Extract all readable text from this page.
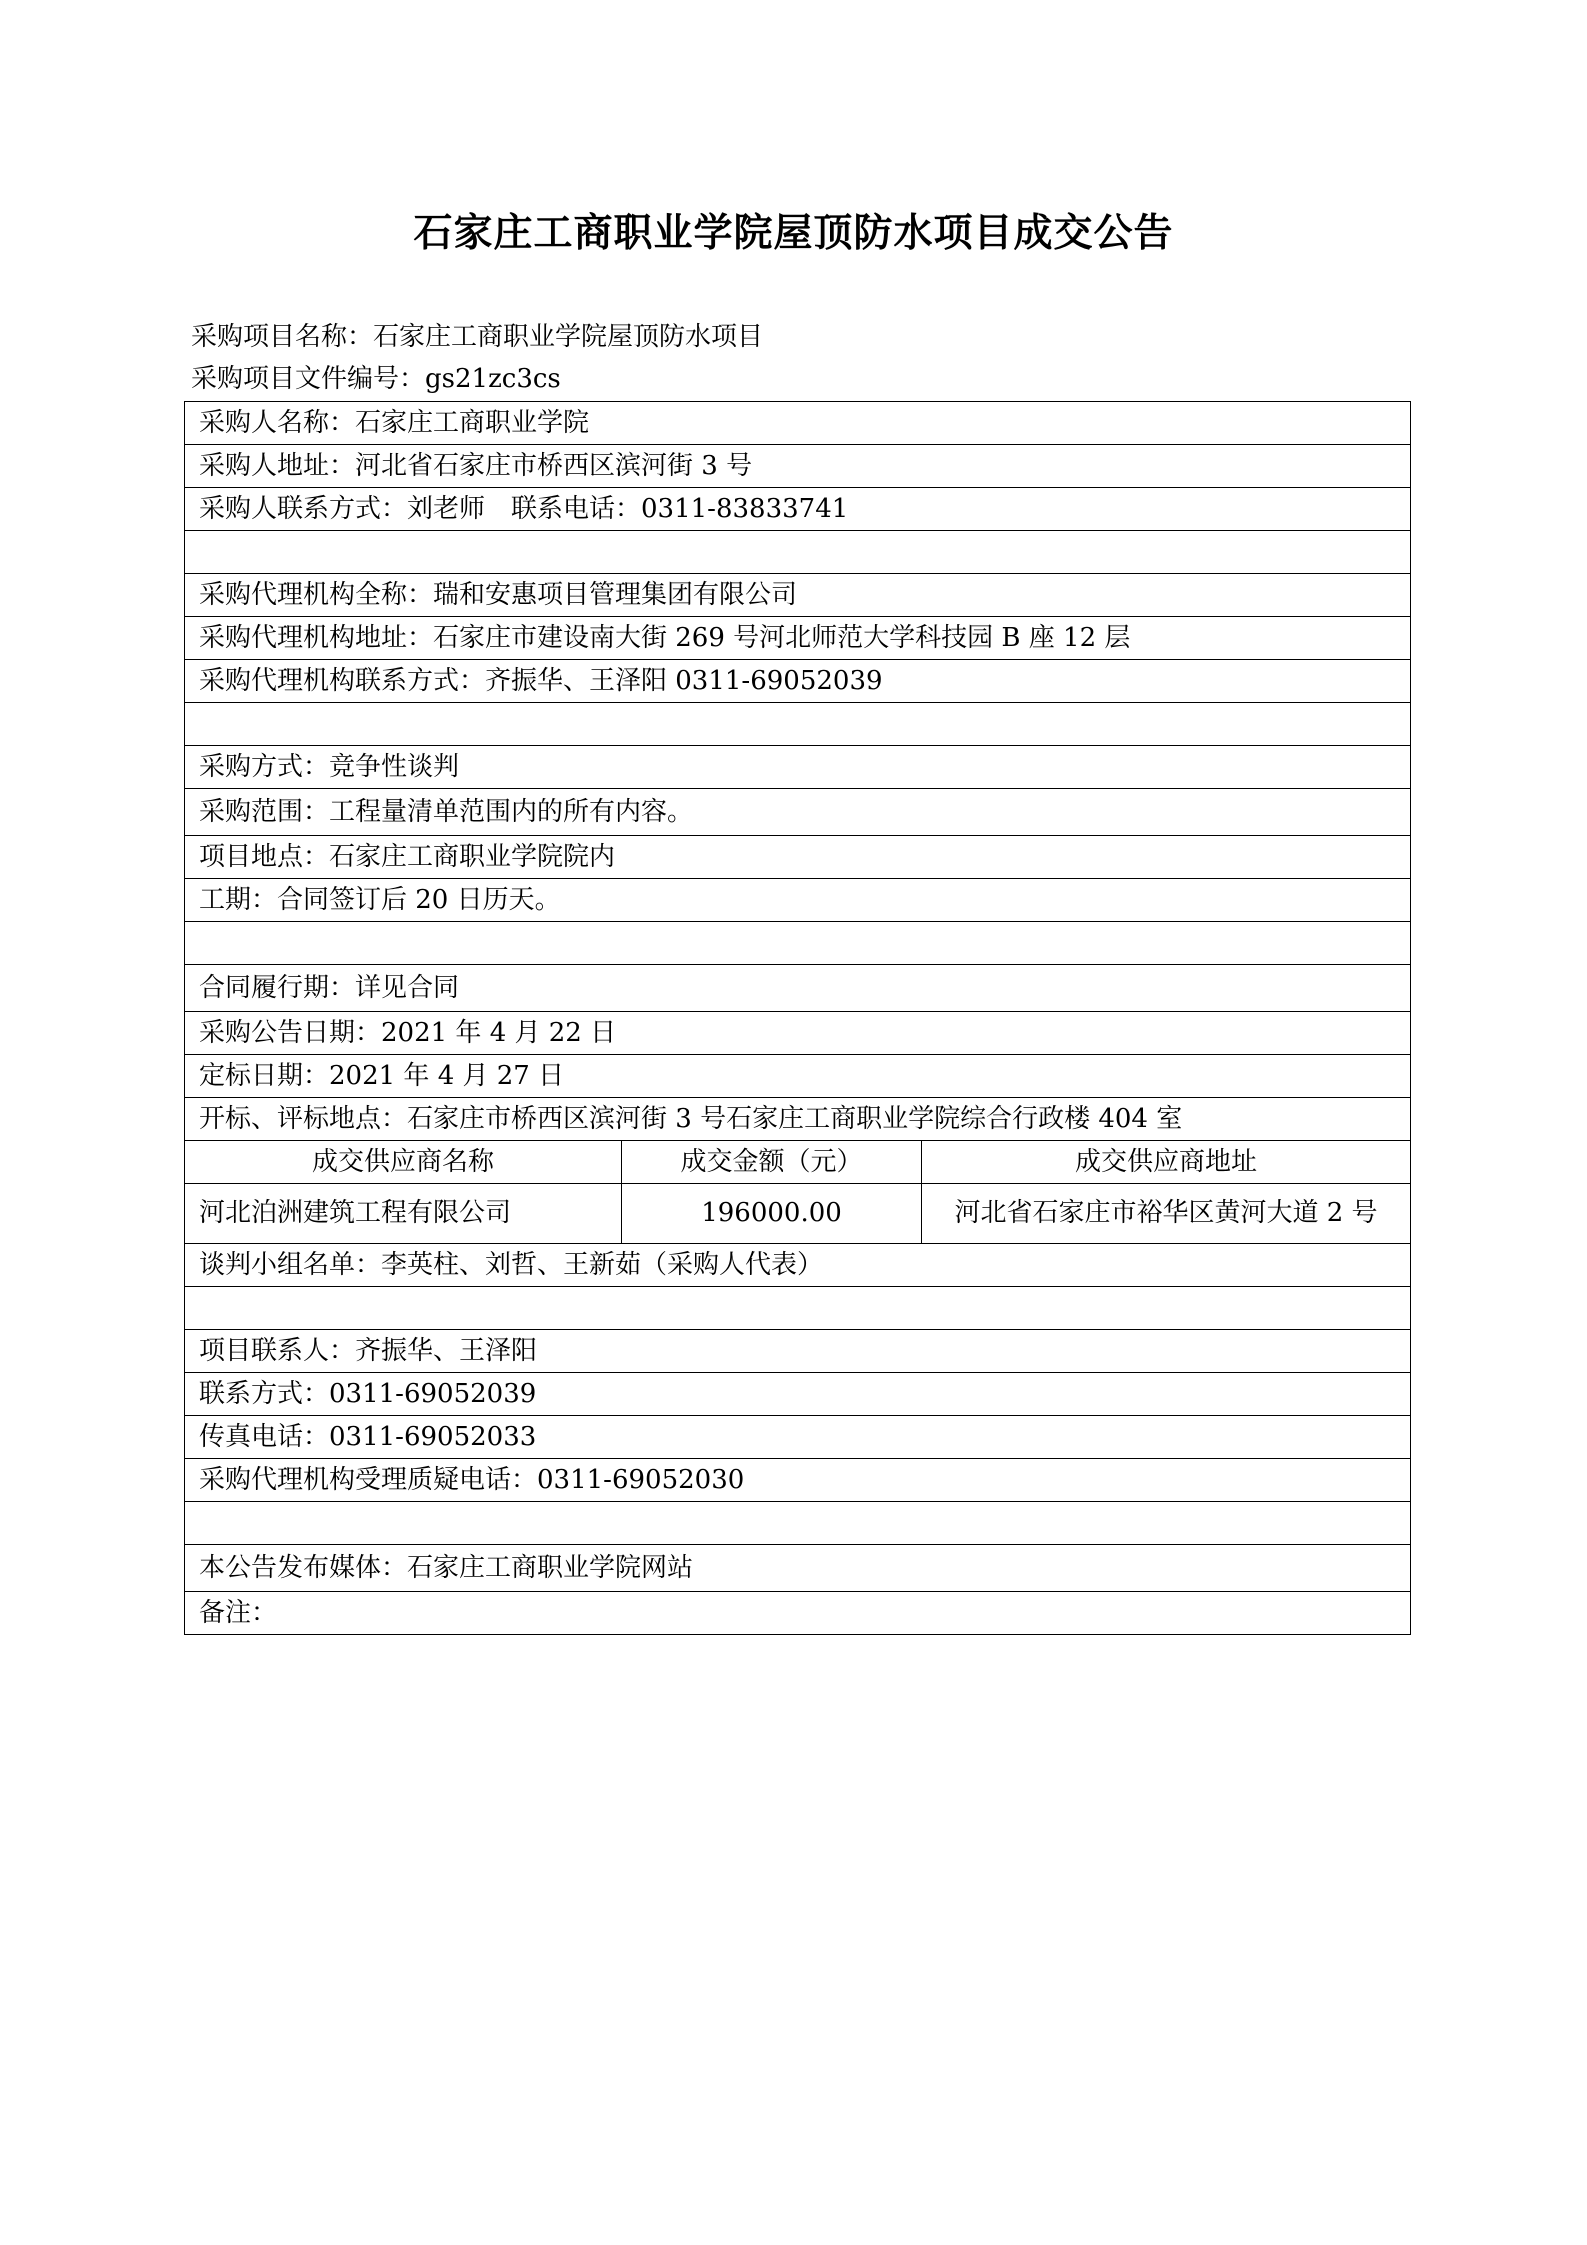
石家庄工商职业学院屋顶防水项目成交公告
采购项目名称：石家庄工商职业学院屋顶防水项目
采购项目文件编号：gs21zc3cs
采购人名称：石家庄工商职业学院		
采购人地址：河北省石家庄市桥西区滨河街 3 号		
采购人联系方式：刘老师　联系电话：0311-83833741		

采购代理机构全称：瑞和安惠项目管理集团有限公司		
采购代理机构地址：石家庄市建设南大街 269 号河北师范大学科技园 B 座 12 层		
采购代理机构联系方式：齐振华、王泽阳 0311-69052039		

采购方式：竞争性谈判		
采购范围：工程量清单范围内的所有内容。		
项目地点：石家庄工商职业学院院内		
工期：合同签订后 20 日历天。		

合同履行期：详见合同		
采购公告日期：2021 年 4 月 22 日		
定标日期：2021 年 4 月 27 日		
开标、评标地点：石家庄市桥西区滨河街 3 号石家庄工商职业学院综合行政楼 404 室		
成交供应商名称	成交金额（元）	成交供应商地址
河北泊洲建筑工程有限公司	196000.00	河北省石家庄市裕华区黄河大道 2 号
谈判小组名单：李英柱、刘哲、王新茹（采购人代表）		

项目联系人：齐振华、王泽阳		
联系方式：0311-69052039		
传真电话：0311-69052033		
采购代理机构受理质疑电话：0311-69052030		

本公告发布媒体：石家庄工商职业学院网站		
备注：		
